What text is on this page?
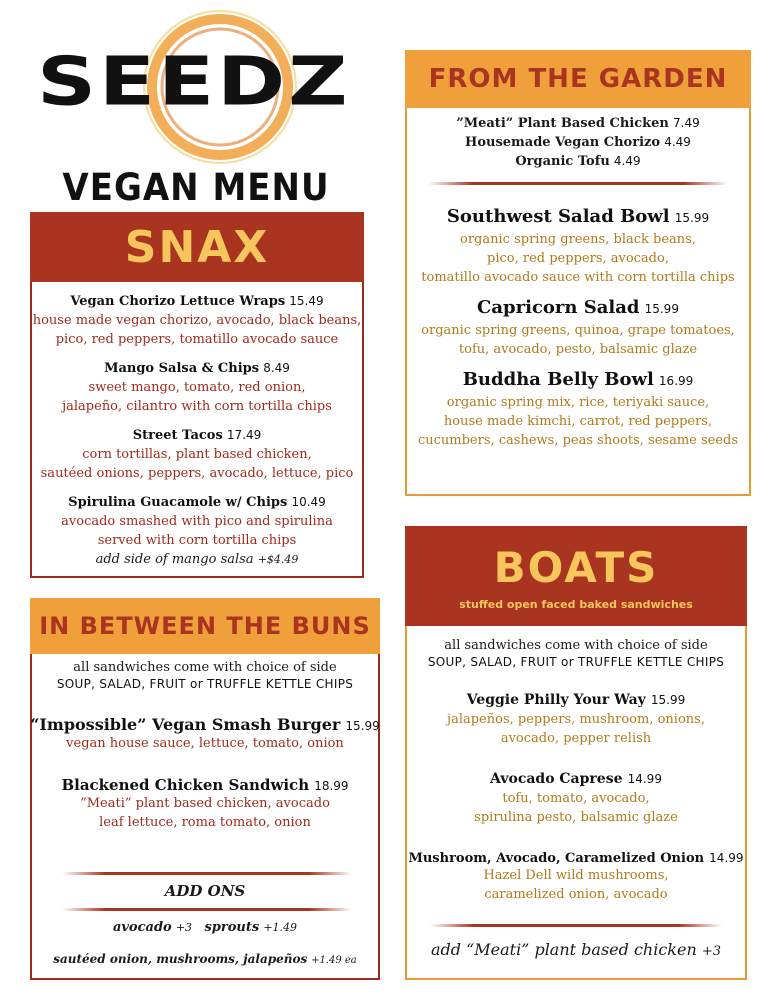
SEEDZ
VEGAN MENU
SNAX
Vegan Chorizo Lettuce Wraps 15.49
house made vegan chorizo, avocado, black beans,
pico, red peppers, tomatillo avocado sauce
Mango Salsa & Chips 8.49
sweet mango, tomato, red onion,
jalapeño, cilantro with corn tortilla chips
Street Tacos 17.49
corn tortillas, plant based chicken,
sautéed onions, peppers, avocado, lettuce, pico
Spirulina Guacamole w/ Chips 10.49
avocado smashed with pico and spirulina
served with corn tortilla chips
add side of mango salsa +$4.49
IN BETWEEN THE BUNS
all sandwiches come with choice of side
SOUP, SALAD, FRUIT or TRUFFLE KETTLE CHIPS
“Impossible” Vegan Smash Burger 15.99
vegan house sauce, lettuce, tomato, onion
Blackened Chicken Sandwich 18.99
”Meati” plant based chicken, avocado
leaf lettuce, roma tomato, onion
ADD ONS
avocado +3 sprouts +1.49
sautéed onion, mushrooms, jalapeños +1.49 ea
FROM THE GARDEN
”Meati” Plant Based Chicken 7.49
Housemade Vegan Chorizo 4.49
Organic Tofu 4.49
Southwest Salad Bowl 15.99
organic spring greens, black beans,
pico, red peppers, avocado,
tomatillo avocado sauce with corn tortilla chips
Capricorn Salad 15.99
organic spring greens, quinoa, grape tomatoes,
tofu, avocado, pesto, balsamic glaze
Buddha Belly Bowl 16.99
organic spring mix, rice, teriyaki sauce,
house made kimchi, carrot, red peppers,
cucumbers, cashews, peas shoots, sesame seeds
BOATS
stuffed open faced baked sandwiches
all sandwiches come with choice of side
SOUP, SALAD, FRUIT or TRUFFLE KETTLE CHIPS
Veggie Philly Your Way 15.99
jalapeños, peppers, mushroom, onions,
avocado, pepper relish
Avocado Caprese 14.99
tofu, tomato, avocado,
spirulina pesto, balsamic glaze
Mushroom, Avocado, Caramelized Onion 14.99
Hazel Dell wild mushrooms,
caramelized onion, avocado
add “Meati” plant based chicken +3
